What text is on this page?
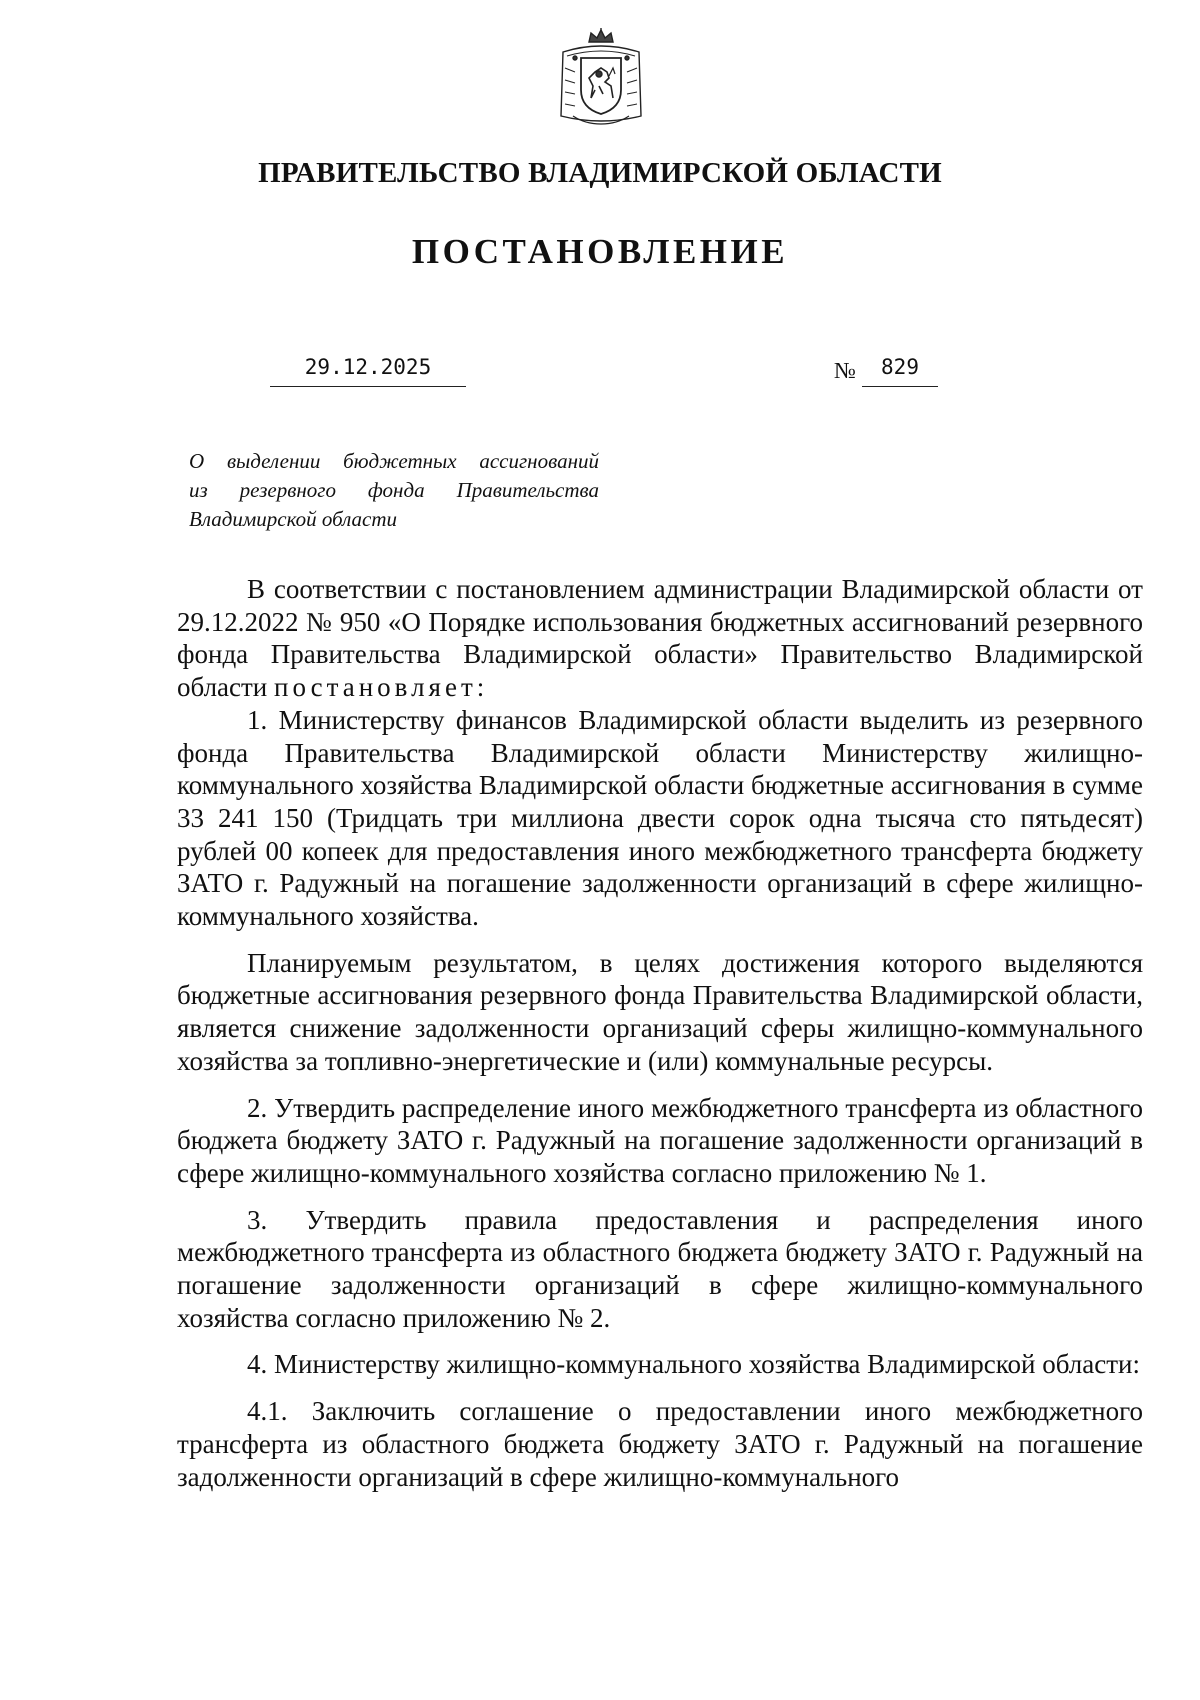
ПРАВИТЕЛЬСТВО ВЛАДИМИРСКОЙ ОБЛАСТИ
ПОСТАНОВЛЕНИЕ
29.12.2025	№	829
О выделении бюджетных ассигнований
из резервного фонда Правительства
Владимирской области

В соответствии с постановлением администрации Владимирской области от 29.12.2022 № 950 «О Порядке использования бюджетных ассигнований резервного фонда Правительства Владимирской области» Правительство Владимирской области постановляет:

1. Министерству финансов Владимирской области выделить из резервного фонда Правительства Владимирской области Министерству жилищно-коммунального хозяйства Владимирской области бюджетные ассигнования в сумме 33 241 150 (Тридцать три миллиона двести сорок одна тысяча сто пятьдесят) рублей 00 копеек для предоставления иного межбюджетного трансферта бюджету ЗАТО г. Радужный на погашение задолженности организаций в сфере жилищно-коммунального хозяйства.

Планируемым результатом, в целях достижения которого выделяются бюджетные ассигнования резервного фонда Правительства Владимирской области, является снижение задолженности организаций сферы жилищно-коммунального хозяйства за топливно-энергетические и (или) коммунальные ресурсы.

2. Утвердить распределение иного межбюджетного трансферта из областного бюджета бюджету ЗАТО г. Радужный на погашение задолженности организаций в сфере жилищно-коммунального хозяйства согласно приложению № 1.

3. Утвердить правила предоставления и распределения иного межбюджетного трансферта из областного бюджета бюджету ЗАТО г. Радужный на погашение задолженности организаций в сфере жилищно-коммунального хозяйства согласно приложению № 2.

4. Министерству жилищно-коммунального хозяйства Владимирской области:

4.1. Заключить соглашение о предоставлении иного межбюджетного трансферта из областного бюджета бюджету ЗАТО г. Радужный на погашение задолженности организаций в сфере жилищно-коммунального
